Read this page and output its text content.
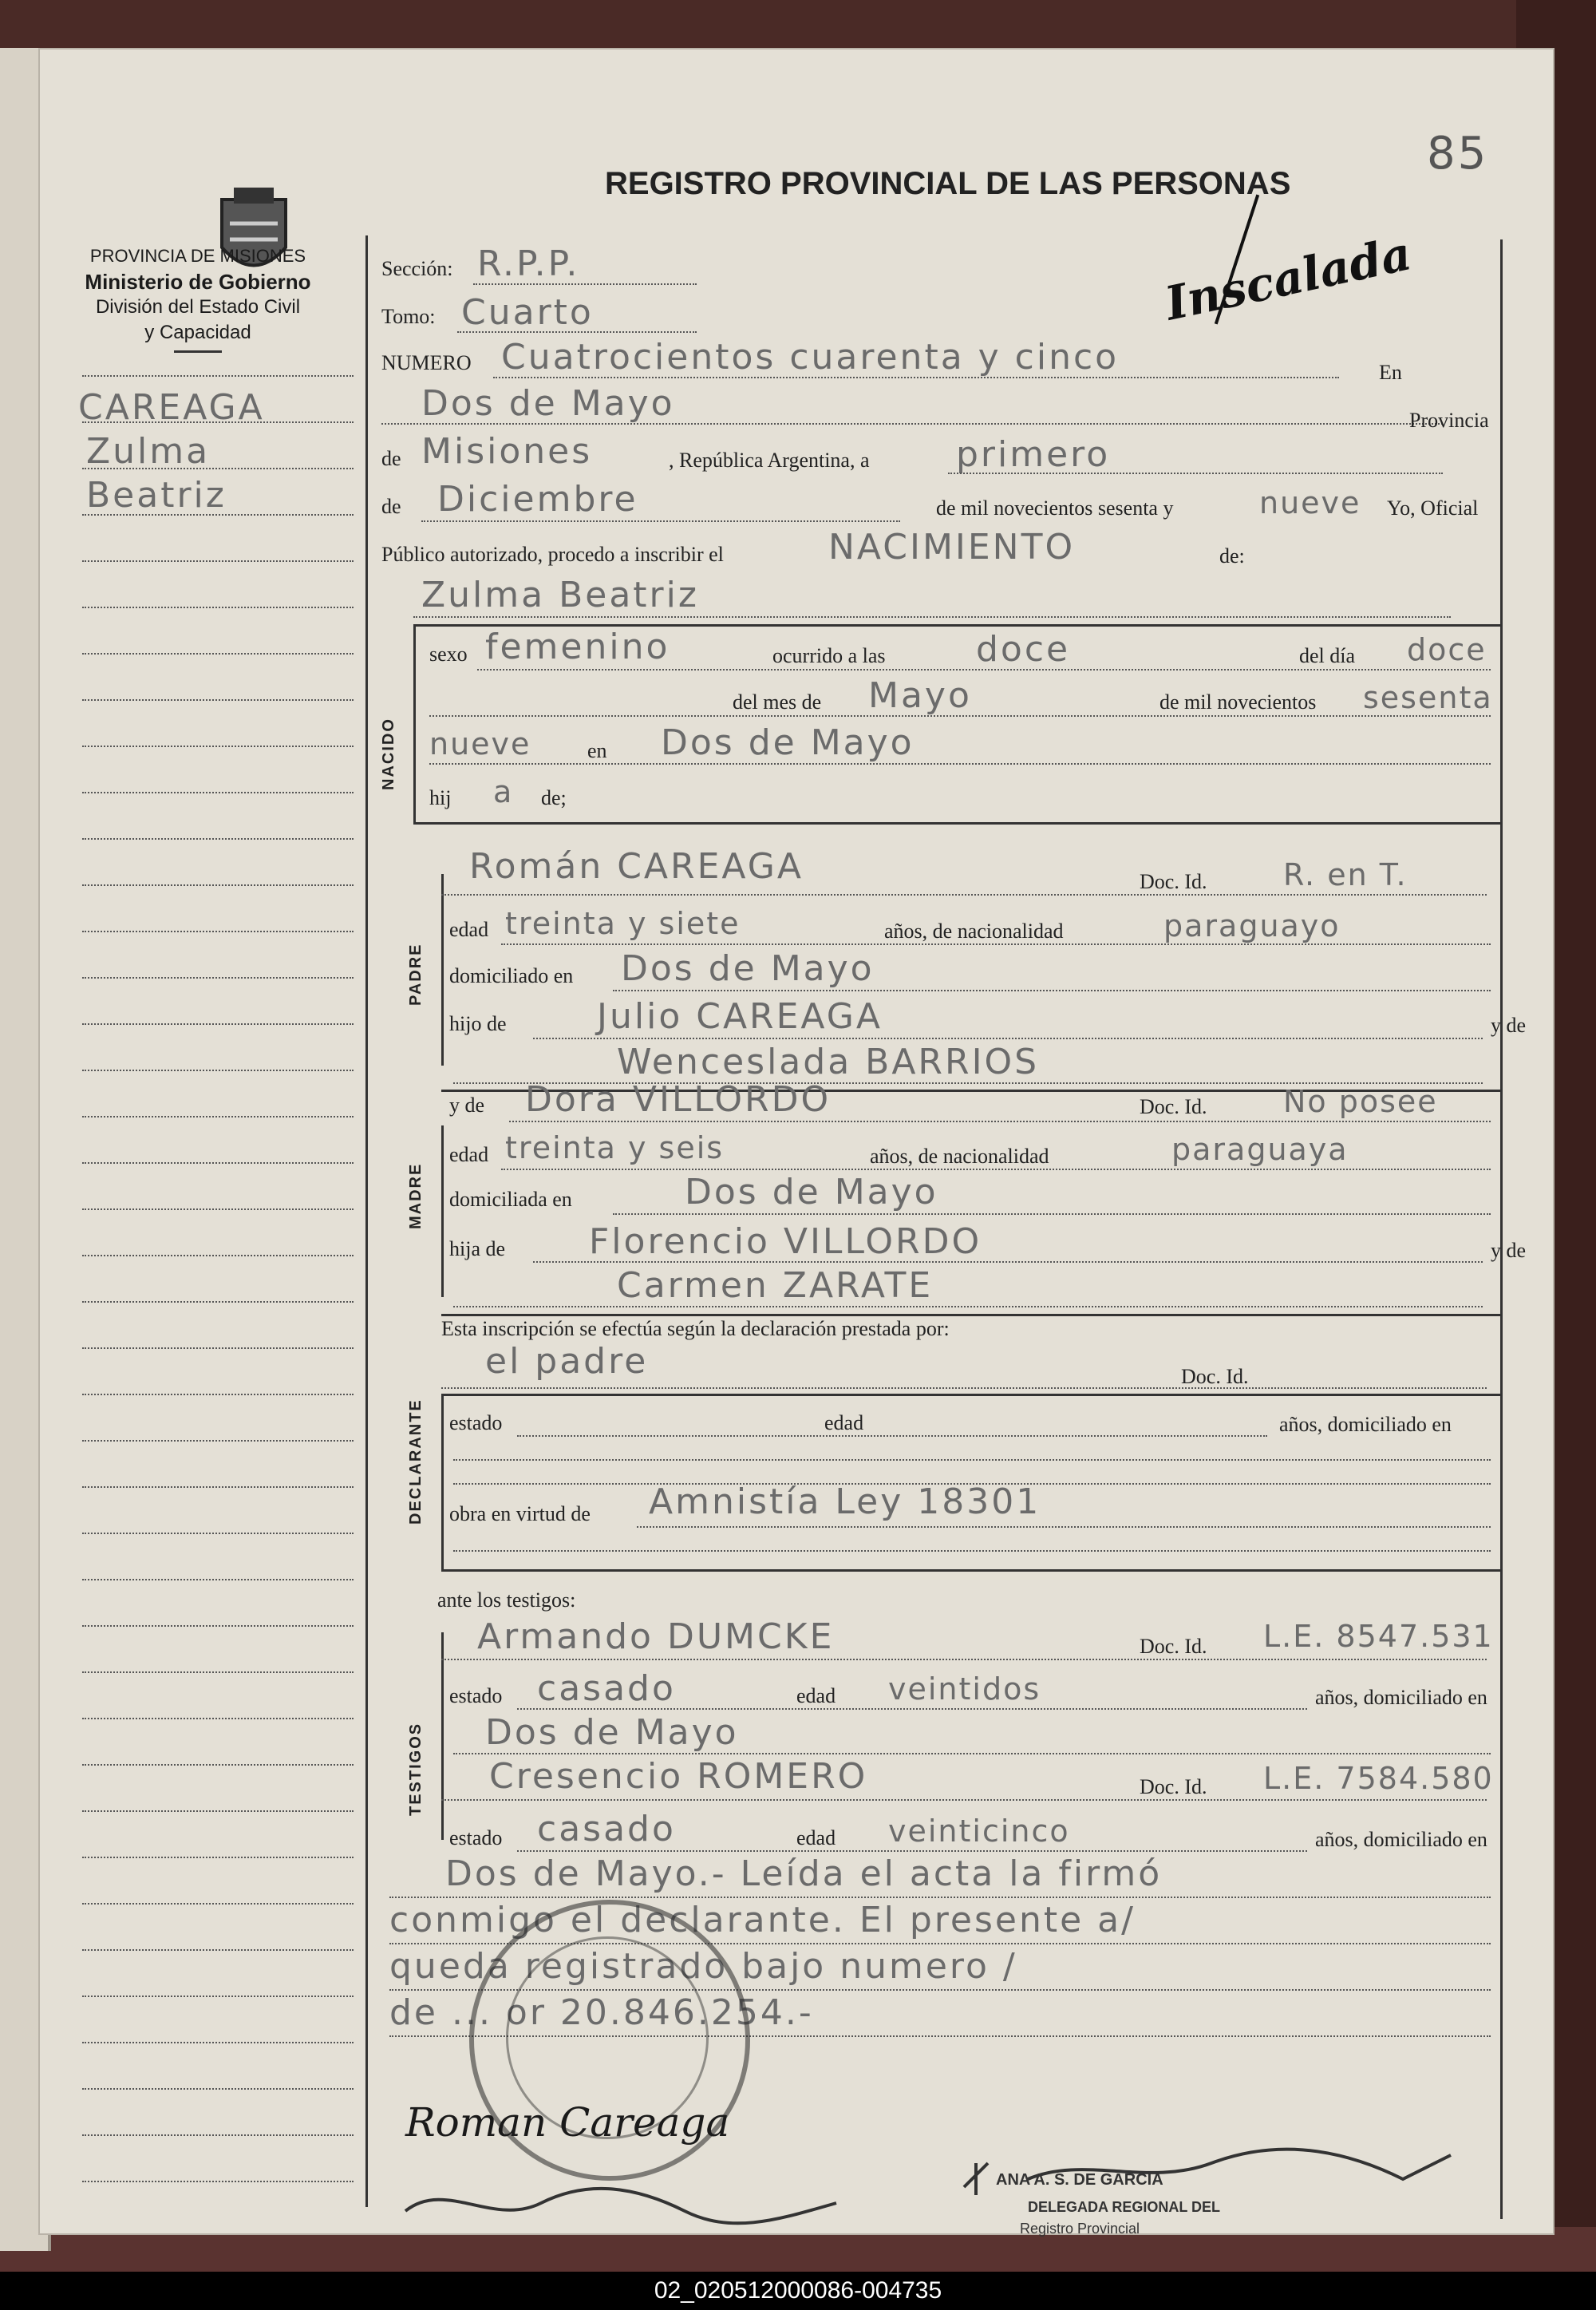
85
REGISTRO PROVINCIAL DE LAS PERSONAS
PROVINCIA DE MISIONES
Ministerio de Gobierno
División del Estado Civil
y Capacidad
CAREAGA
Zulma
Beatriz
Inscalada
Sección: R.P.P.
Tomo: Cuarto
NUMERO Cuatrocientos cuarenta y cinco	En
Dos de Mayo	Provincia
de Misiones	, República Argentina, a primero
de Diciembre	de mil novecientos sesenta y	nueve Yo, Oficial
Público autorizado, procedo a inscribir el	NACIMIENTO	de:
Zulma Beatriz
NACIDO
sexo femenino	ocurrido a las	doce	del día doce
del mes de Mayo	de mil novecientos sesenta
nueve	en Dos de Mayo
hij a de;
PADRE
Román CAREAGA	Doc. Id.	R. en T.
edad treinta y siete	años, de nacionalidad	paraguayo
domiciliado en Dos de Mayo
hijo de	Julio CAREAGA	y de
Wenceslada BARRIOS
y de Dora VILLORDO	Doc. Id.	No posee
MADRE
edad treinta y seis	años, de nacionalidad	paraguaya
domiciliada en	Dos de Mayo
hija de Florencio VILLORDO	y de
Carmen ZARATE
Esta inscripción se efectúa según la declaración prestada por:
el padre	Doc. Id.
DECLARANTE estado	edad	años, domiciliado en
obra en virtud de Amnistía Ley 18301
ante los testigos:
TESTIGOS
Armando DUMCKE	Doc. Id. L.E. 8547.531
estado casado	edad veintidos	años, domiciliado en
Dos de Mayo
Cresencio ROMERO	Doc. Id. L.E. 7584.580
estado casado	edad veinticinco	años, domiciliado en
Dos de Mayo.- Leída el acta la firmó
conmigo el declarante. El presente a/
queda registrado bajo numero /
de ... or 20.846.254.-
Roman Careaga
ANA A. S. DE GARCIA
DELEGADA REGIONAL DEL
Registro Provincial
02_020512000086-004735
